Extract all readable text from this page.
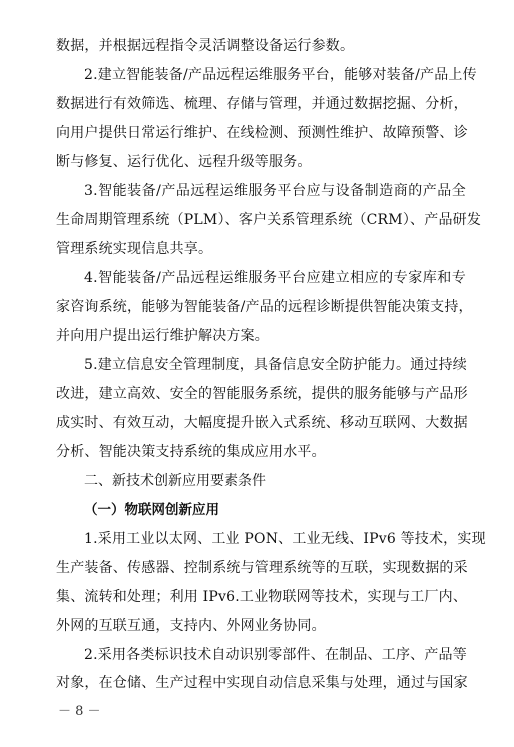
数据，并根据远程指令灵活调整设备运行参数。
2.建立智能装备/产品远程运维服务平台，能够对装备/产品上传
数据进行有效筛选、梳理、存储与管理，并通过数据挖掘、分析，
向用户提供日常运行维护、在线检测、预测性维护、故障预警、诊
断与修复、运行优化、远程升级等服务。
3.智能装备/产品远程运维服务平台应与设备制造商的产品全
生命周期管理系统（PLM）、客户关系管理系统（CRM）、产品研发
管理系统实现信息共享。
4.智能装备/产品远程运维服务平台应建立相应的专家库和专
家咨询系统，能够为智能装备/产品的远程诊断提供智能决策支持，
并向用户提出运行维护解决方案。
5.建立信息安全管理制度，具备信息安全防护能力。通过持续
改进，建立高效、安全的智能服务系统，提供的服务能够与产品形
成实时、有效互动，大幅度提升嵌入式系统、移动互联网、大数据
分析、智能决策支持系统的集成应用水平。
二、新技术创新应用要素条件
（一）物联网创新应用
1.采用工业以太网、工业 PON、工业无线、IPv6 等技术，实现
生产装备、传感器、控制系统与管理系统等的互联，实现数据的采
集、流转和处理；利用 IPv6.工业物联网等技术，实现与工厂内、
外网的互联互通，支持内、外网业务协同。
2.采用各类标识技术自动识别零部件、在制品、工序、产品等
－ 8 －
对象，在仓储、生产过程中实现自动信息采集与处理，通过与国家
